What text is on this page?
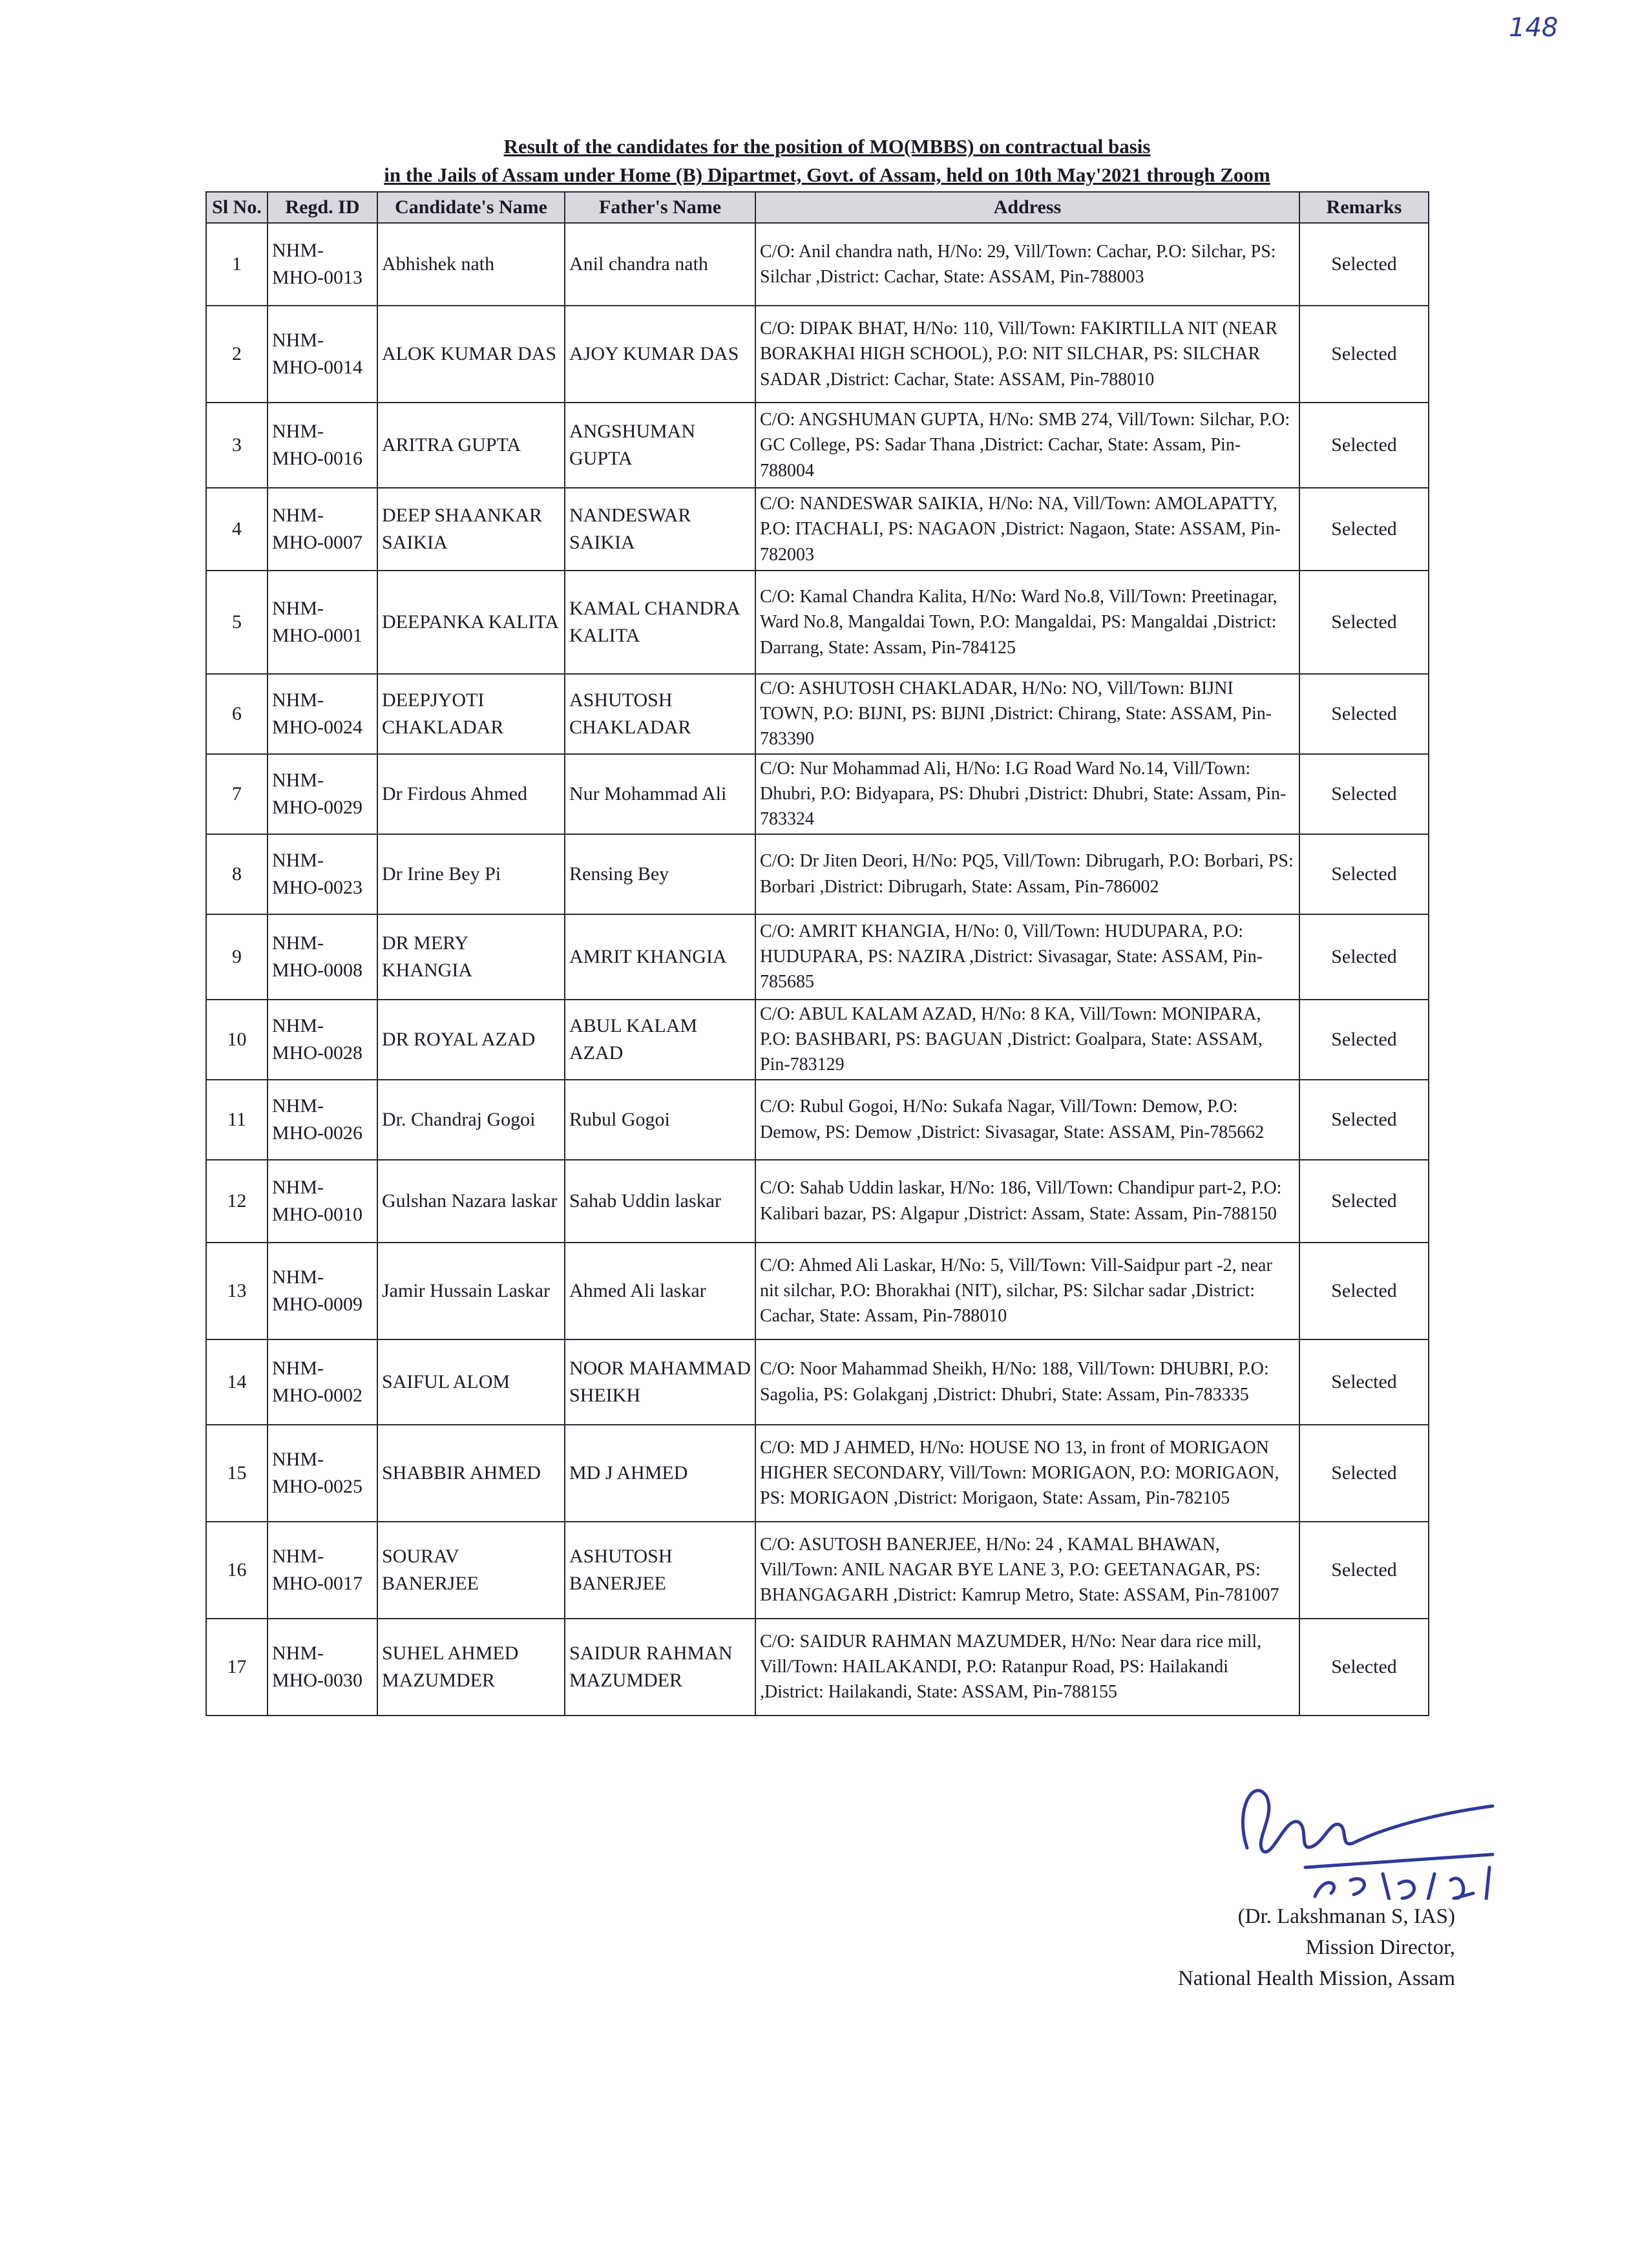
148
Result of the candidates for the position of MO(MBBS) on contractual basis
in the Jails of Assam under Home (B) Dipartmet, Govt. of Assam, held on 10th May'2021 through Zoom
Sl No.	Regd. ID	Candidate's Name	Father's Name	Address	Remarks
1	NHM-MHO-0013	Abhishek nath	Anil chandra nath	C/O: Anil chandra nath, H/No: 29, Vill/Town: Cachar, P.O: Silchar, PS: Silchar ,District: Cachar, State: ASSAM, Pin-788003	Selected
2	NHM-MHO-0014	ALOK KUMAR DAS	AJOY KUMAR DAS	C/O: DIPAK BHAT, H/No: 110, Vill/Town: FAKIRTILLA NIT (NEAR BORAKHAI HIGH SCHOOL), P.O: NIT SILCHAR, PS: SILCHAR SADAR ,District: Cachar, State: ASSAM, Pin-788010	Selected
3	NHM-MHO-0016	ARITRA GUPTA	ANGSHUMAN GUPTA	C/O: ANGSHUMAN GUPTA, H/No: SMB 274, Vill/Town: Silchar, P.O: GC College, PS: Sadar Thana ,District: Cachar, State: Assam, Pin-788004	Selected
4	NHM-MHO-0007	DEEP SHAANKAR SAIKIA	NANDESWAR SAIKIA	C/O: NANDESWAR SAIKIA, H/No: NA, Vill/Town: AMOLAPATTY, P.O: ITACHALI, PS: NAGAON ,District: Nagaon, State: ASSAM, Pin-782003	Selected
5	NHM-MHO-0001	DEEPANKA KALITA	KAMAL CHANDRA KALITA	C/O: Kamal Chandra Kalita, H/No: Ward No.8, Vill/Town: Preetinagar, Ward No.8, Mangaldai Town, P.O: Mangaldai, PS: Mangaldai ,District: Darrang, State: Assam, Pin-784125	Selected
6	NHM-MHO-0024	DEEPJYOTI CHAKLADAR	ASHUTOSH CHAKLADAR	C/O: ASHUTOSH CHAKLADAR, H/No: NO, Vill/Town: BIJNI TOWN, P.O: BIJNI, PS: BIJNI ,District: Chirang, State: ASSAM, Pin-783390	Selected
7	NHM-MHO-0029	Dr Firdous Ahmed	Nur Mohammad Ali	C/O: Nur Mohammad Ali, H/No: I.G Road Ward No.14, Vill/Town: Dhubri, P.O: Bidyapara, PS: Dhubri ,District: Dhubri, State: Assam, Pin-783324	Selected
8	NHM-MHO-0023	Dr Irine Bey Pi	Rensing Bey	C/O: Dr Jiten Deori, H/No: PQ5, Vill/Town: Dibrugarh, P.O: Borbari, PS: Borbari ,District: Dibrugarh, State: Assam, Pin-786002	Selected
9	NHM-MHO-0008	DR MERY KHANGIA	AMRIT KHANGIA	C/O: AMRIT KHANGIA, H/No: 0, Vill/Town: HUDUPARA, P.O: HUDUPARA, PS: NAZIRA ,District: Sivasagar, State: ASSAM, Pin-785685	Selected
10	NHM-MHO-0028	DR ROYAL AZAD	ABUL KALAM AZAD	C/O: ABUL KALAM AZAD, H/No: 8 KA, Vill/Town: MONIPARA, P.O: BASHBARI, PS: BAGUAN ,District: Goalpara, State: ASSAM, Pin-783129	Selected
11	NHM-MHO-0026	Dr. Chandraj Gogoi	Rubul Gogoi	C/O: Rubul Gogoi, H/No: Sukafa Nagar, Vill/Town: Demow, P.O: Demow, PS: Demow ,District: Sivasagar, State: ASSAM, Pin-785662	Selected
12	NHM-MHO-0010	Gulshan Nazara laskar	Sahab Uddin laskar	C/O: Sahab Uddin laskar, H/No: 186, Vill/Town: Chandipur part-2, P.O: Kalibari bazar, PS: Algapur ,District: Assam, State: Assam, Pin-788150	Selected
13	NHM-MHO-0009	Jamir Hussain Laskar	Ahmed Ali laskar	C/O: Ahmed Ali Laskar, H/No: 5, Vill/Town: Vill-Saidpur part -2, near nit silchar, P.O: Bhorakhai (NIT), silchar, PS: Silchar sadar ,District: Cachar, State: Assam, Pin-788010	Selected
14	NHM-MHO-0002	SAIFUL ALOM	NOOR MAHAMMAD SHEIKH	C/O: Noor Mahammad Sheikh, H/No: 188, Vill/Town: DHUBRI, P.O: Sagolia, PS: Golakganj ,District: Dhubri, State: Assam, Pin-783335	Selected
15	NHM-MHO-0025	SHABBIR AHMED	MD J AHMED	C/O: MD J AHMED, H/No: HOUSE NO 13, in front of MORIGAON HIGHER SECONDARY, Vill/Town: MORIGAON, P.O: MORIGAON, PS: MORIGAON ,District: Morigaon, State: Assam, Pin-782105	Selected
16	NHM-MHO-0017	SOURAV BANERJEE	ASHUTOSH BANERJEE	C/O: ASUTOSH BANERJEE, H/No: 24 , KAMAL BHAWAN, Vill/Town: ANIL NAGAR BYE LANE 3, P.O: GEETANAGAR, PS: BHANGAGARH ,District: Kamrup Metro, State: ASSAM, Pin-781007	Selected
17	NHM-MHO-0030	SUHEL AHMED MAZUMDER	SAIDUR RAHMAN MAZUMDER	C/O: SAIDUR RAHMAN MAZUMDER, H/No: Near dara rice mill, Vill/Town: HAILAKANDI, P.O: Ratanpur Road, PS: Hailakandi ,District: Hailakandi, State: ASSAM, Pin-788155	Selected
(Dr. Lakshmanan S, IAS)
Mission Director,
National Health Mission, Assam
